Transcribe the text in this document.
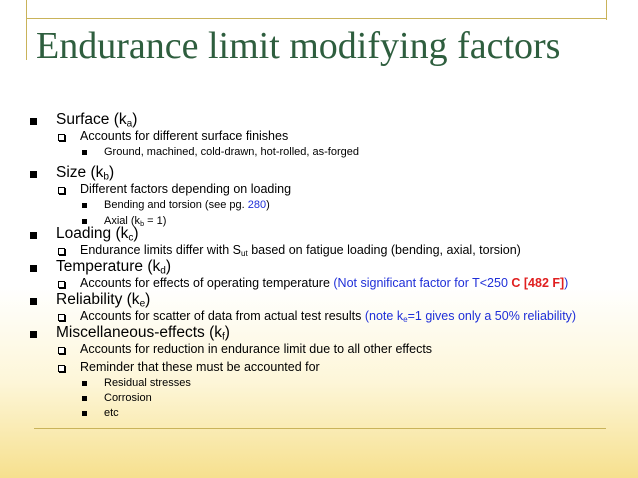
Endurance limit modifying factors
Surface $(k_a)$
Accounts for different surface finishes
Ground, machined, cold-drawn, hot-rolled, as-forged
Size $(k_b)$
Different factors depending on loading
Bending and torsion (see pg. 280)
Axial $(k_b = 1)$
Loading $(k_c)$
Endurance limits differ with $S_{ut}$ based on fatigue loading (bending, axial, torsion)
Temperature $(k_d)$
Accounts for effects of operating temperature (Not significant factor for T<250 C [482 F])
Reliability $(k_e)$
Accounts for scatter of data from actual test results (note $k_e=1$ gives only a 50% reliability)
Miscellaneous-effects $(k_f)$
Accounts for reduction in endurance limit due to all other effects
Reminder that these must be accounted for
Residual stresses
Corrosion
etc
